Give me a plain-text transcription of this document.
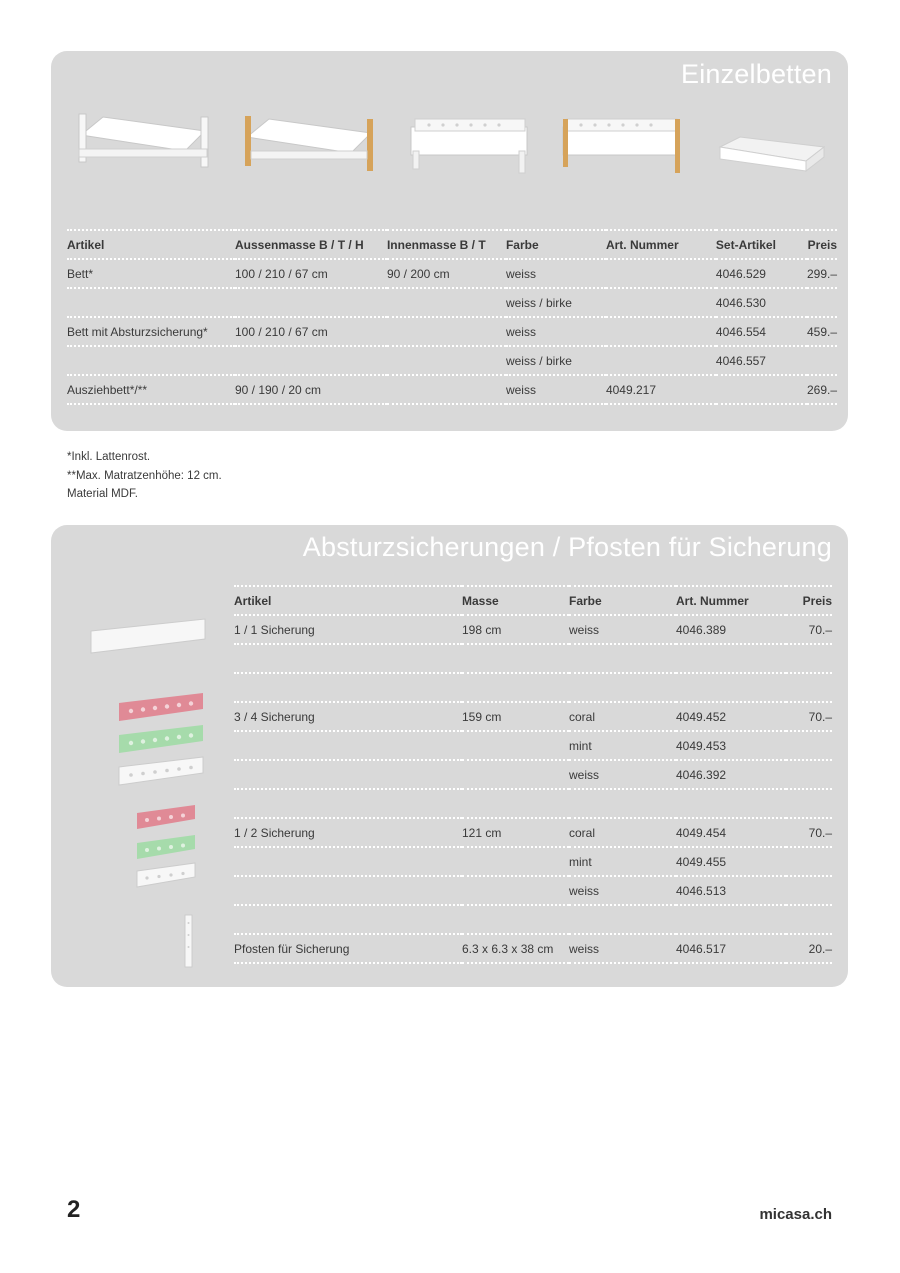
Einzelbetten
Artikel	Aussenmasse B / T / H	Innenmasse B / T	Farbe	Art. Nummer	Set-Artikel	Preis
Bett*	100 / 210 / 67 cm	90 / 200 cm	weiss		4046.529	299.–
			weiss / birke		4046.530	
Bett mit Absturzsicherung*	100 / 210 / 67 cm		weiss		4046.554	459.–
			weiss / birke		4046.557	
Ausziehbett*/**	90 / 190 / 20 cm		weiss	4049.217		269.–
*Inkl. Lattenrost.
**Max. Matratzenhöhe: 12 cm.
Material MDF.
Absturzsicherungen / Pfosten für Sicherung
Artikel	Masse	Farbe	Art. Nummer	Preis
1 / 1 Sicherung	198 cm	weiss	4046.389	70.–

3 / 4 Sicherung	159 cm	coral	4049.452	70.–
		mint	4049.453	
		weiss	4046.392	

1 / 2 Sicherung	121 cm	coral	4049.454	70.–
		mint	4049.455	
		weiss	4046.513	

Pfosten für Sicherung	6.3 x 6.3 x 38 cm	weiss	4046.517	20.–

2	micasa.ch
